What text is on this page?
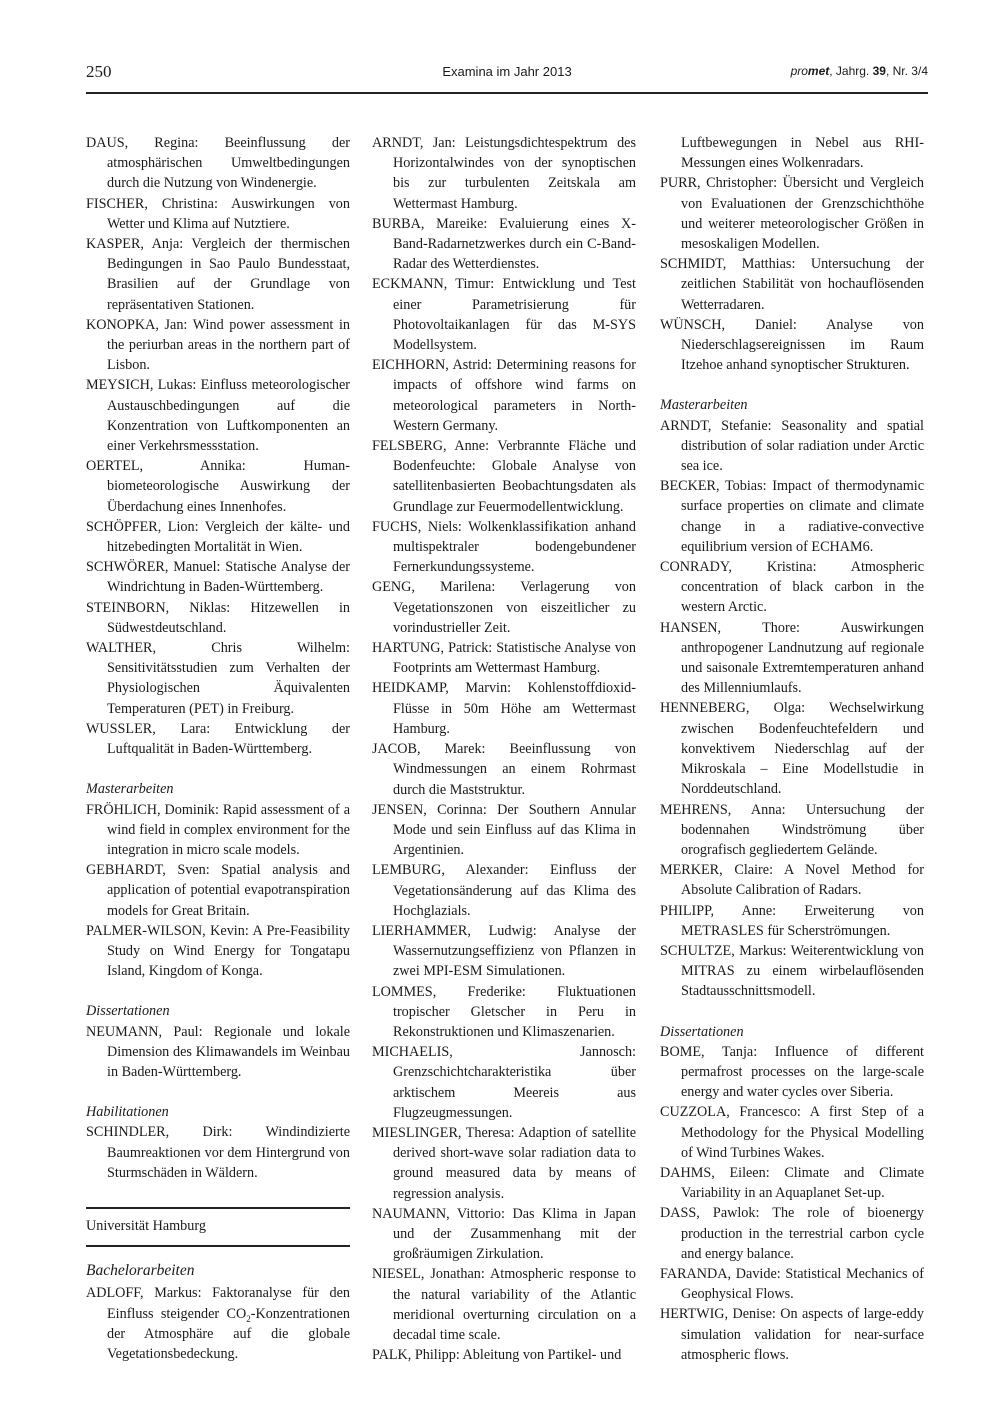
250	Examina im Jahr 2013	promet, Jahrg. 39, Nr. 3/4

DAUS, Regina: Beeinflussung der atmosphärischen Umweltbedingungen durch die Nutzung von Windenergie.

FISCHER, Christina: Auswirkungen von Wetter und Klima auf Nutztiere.

KASPER, Anja: Vergleich der thermischen Bedingungen in Sao Paulo Bundesstaat, Brasilien auf der Grundlage von repräsentativen Stationen.

KONOPKA, Jan: Wind power assessment in the periurban areas in the northern part of Lisbon.

MEYSICH, Lukas: Einfluss meteorologischer Austauschbedingungen auf die Konzentration von Luftkomponenten an einer Verkehrsmessstation.

OERTEL, Annika: Human-biometeorologische Auswirkung der Überdachung eines Innenhofes.

SCHÖPFER, Lion: Vergleich der kälte- und hitzebedingten Mortalität in Wien.

SCHWÖRER, Manuel: Statische Analyse der Windrichtung in Baden-Württemberg.

STEINBORN, Niklas: Hitzewellen in Südwestdeutschland.

WALTHER, Chris Wilhelm: Sensitivitätsstudien zum Verhalten der Physiologischen Äquivalenten Temperaturen (PET) in Freiburg.

WUSSLER, Lara: Entwicklung der Luftqualität in Baden-Württemberg.

Masterarbeiten

FRÖHLICH, Dominik: Rapid assessment of a wind field in complex environment for the integration in micro scale models.

GEBHARDT, Sven: Spatial analysis and application of potential evapotranspiration models for Great Britain.

PALMER-WILSON, Kevin: A Pre-Feasibility Study on Wind Energy for Tongatapu Island, Kingdom of Konga.

Dissertationen

NEUMANN, Paul: Regionale und lokale Dimension des Klimawandels im Weinbau in Baden-Württemberg.

Habilitationen

SCHINDLER, Dirk: Windindizierte Baumreaktionen vor dem Hintergrund von Sturmschäden in Wäldern.

Universität Hamburg
Bachelorarbeiten

ADLOFF, Markus: Faktoranalyse für den Einfluss steigender $CO_2$-Konzentrationen der Atmosphäre auf die globale Vegetationsbedeckung.

ARNDT, Jan: Leistungsdichtespektrum des Horizontalwindes von der synoptischen bis zur turbulenten Zeitskala am Wettermast Hamburg.

BURBA, Mareike: Evaluierung eines X-Band-Radarnetzwerkes durch ein C-Band-Radar des Wetterdienstes.

ECKMANN, Timur: Entwicklung und Test einer Parametrisierung für Photovoltaikanlagen für das M-SYS Modellsystem.

EICHHORN, Astrid: Determining reasons for impacts of offshore wind farms on meteorological parameters in North-Western Germany.

FELSBERG, Anne: Verbrannte Fläche und Bodenfeuchte: Globale Analyse von satellitenbasierten Beobachtungsdaten als Grundlage zur Feuermodellentwicklung.

FUCHS, Niels: Wolkenklassifikation anhand multispektraler bodengebundener Fernerkundungssysteme.

GENG, Marilena: Verlagerung von Vegetationszonen von eiszeitlicher zu vorindustrieller Zeit.

HARTUNG, Patrick: Statistische Analyse von Footprints am Wettermast Hamburg.

HEIDKAMP, Marvin: Kohlenstoffdioxid-Flüsse in 50m Höhe am Wettermast Hamburg.

JACOB, Marek: Beeinflussung von Windmessungen an einem Rohrmast durch die Maststruktur.

JENSEN, Corinna: Der Southern Annular Mode und sein Einfluss auf das Klima in Argentinien.

LEMBURG, Alexander: Einfluss der Vegetationsänderung auf das Klima des Hochglazials.

LIERHAMMER, Ludwig: Analyse der Wassernutzungseffizienz von Pflanzen in zwei MPI-ESM Simulationen.

LOMMES, Frederike: Fluktuationen tropischer Gletscher in Peru in Rekonstruktionen und Klimaszenarien.

MICHAELIS, Jannosch: Grenzschichtcharakteristika über arktischem Meereis aus Flugzeugmessungen.

MIESLINGER, Theresa: Adaption of satellite derived short-wave solar radiation data to ground measured data by means of regression analysis.

NAUMANN, Vittorio: Das Klima in Japan und der Zusammenhang mit der großräumigen Zirkulation.

NIESEL, Jonathan: Atmospheric response to the natural variability of the Atlantic meridional overturning circulation on a decadal time scale.

PALK, Philipp: Ableitung von Partikel- und

Luftbewegungen in Nebel aus RHI-Messungen eines Wolkenradars.

PURR, Christopher: Übersicht und Vergleich von Evaluationen der Grenzschichthöhe und weiterer meteorologischer Größen in mesoskaligen Modellen.

SCHMIDT, Matthias: Untersuchung der zeitlichen Stabilität von hochauflösenden Wetterradaren.

WÜNSCH, Daniel: Analyse von Niederschlagsereignissen im Raum Itzehoe anhand synoptischer Strukturen.

Masterarbeiten

ARNDT, Stefanie: Seasonality and spatial distribution of solar radiation under Arctic sea ice.

BECKER, Tobias: Impact of thermodynamic surface properties on climate and climate change in a radiative-convective equilibrium version of ECHAM6.

CONRADY, Kristina: Atmospheric concentration of black carbon in the western Arctic.

HANSEN, Thore: Auswirkungen anthropogener Landnutzung auf regionale und saisonale Extremtemperaturen anhand des Millenniumlaufs.

HENNEBERG, Olga: Wechselwirkung zwischen Bodenfeuchtefeldern und konvektivem Niederschlag auf der Mikroskala – Eine Modellstudie in Norddeutschland.

MEHRENS, Anna: Untersuchung der bodennahen Windströmung über orografisch gegliedertem Gelände.

MERKER, Claire: A Novel Method for Absolute Calibration of Radars.

PHILIPP, Anne: Erweiterung von METRASLES für Scherströmungen.

SCHULTZE, Markus: Weiterentwicklung von MITRAS zu einem wirbelauflösenden Stadtausschnittsmodell.

Dissertationen

BOME, Tanja: Influence of different permafrost processes on the large-scale energy and water cycles over Siberia.

CUZZOLA, Francesco: A first Step of a Methodology for the Physical Modelling of Wind Turbines Wakes.

DAHMS, Eileen: Climate and Climate Variability in an Aquaplanet Set-up.

DASS, Pawlok: The role of bioenergy production in the terrestrial carbon cycle and energy balance.

FARANDA, Davide: Statistical Mechanics of Geophysical Flows.

HERTWIG, Denise: On aspects of large-eddy simulation validation for near-surface atmospheric flows.
